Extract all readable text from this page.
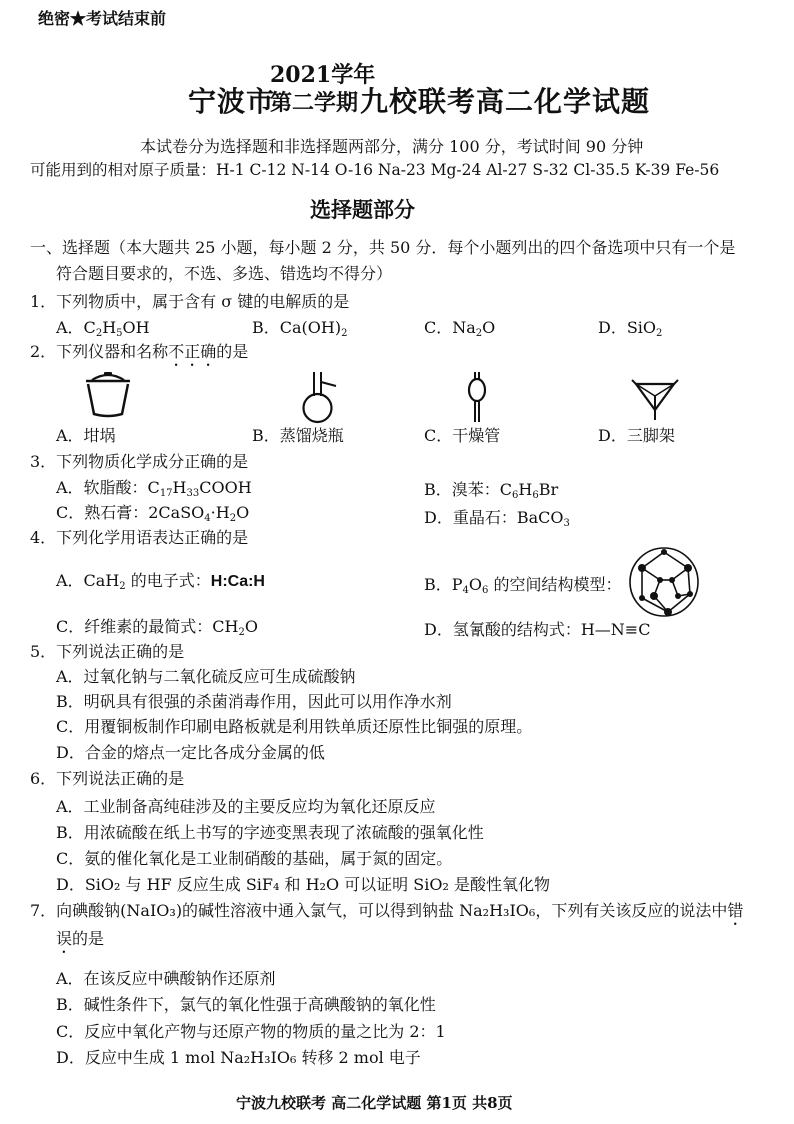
绝密★考试结束前
宁波市
2021学年
第二学期 九校联考高二化学试题
本试卷分为选择题和非选择题两部分，满分 100 分，考试时间 90 分钟
可能用到的相对原子质量：H-1 C-12 N-14 O-16 Na-23 Mg-24 Al-27 S-32 Cl-35.5 K-39 Fe-56
选择题部分
一、选择题（本大题共 25 小题，每小题 2 分，共 50 分．每个小题列出的四个备选项中只有一个是
符合题目要求的，不选、多选、错选均不得分）
1．下列物质中，属于含有 σ 键的电解质的是
A．$C_2H_5OH$	B．$Ca(OH)_2$	C．$Na_2O$	D．SiO$_2$
2．下列仪器和名称不正确的是
A．坩埚	B．蒸馏烧瓶	C．干燥管	D．三脚架
3．下列物质化学成分正确的是
A．软脂酸：$C_{17}H_{33}COOH$	B．溴苯：$C_6H_6Br$
C．熟石膏：$2CaSO_4\cdot H_2O$	D．重晶石：BaCO$_3$
4．下列化学用语表达正确的是
A．CaH$_2$ 的电子式：H:Ca:H	B．$P_4O_6$ 的空间结构模型：
C．纤维素的最简式：$CH_2O$	D．氢氰酸的结构式：H—N≡C
5．下列说法正确的是
A．过氧化钠与二氧化硫反应可生成硫酸钠
B．明矾具有很强的杀菌消毒作用，因此可以用作净水剂
C．用覆铜板制作印刷电路板就是利用铁单质还原性比铜强的原理。
D．合金的熔点一定比各成分金属的低
6．下列说法正确的是
A．工业制备高纯硅涉及的主要反应均为氧化还原反应
B．用浓硫酸在纸上书写的字迹变黑表现了浓硫酸的强氧化性
C．氨的催化氧化是工业制硝酸的基础，属于氮的固定。
D．SiO₂ 与 HF 反应生成 SiF₄ 和 H₂O 可以证明 SiO₂ 是酸性氧化物
7．向碘酸钠(NaIO₃)的碱性溶液中通入氯气，可以得到钠盐 Na₂H₃IO₆，下列有关该反应的说法中错
误的是
A．在该反应中碘酸钠作还原剂
B．碱性条件下，氯气的氧化性强于高碘酸钠的氧化性
C．反应中氧化产物与还原产物的物质的量之比为 2：1
D．反应中生成 1 mol Na₂H₃IO₆ 转移 2 mol 电子
宁波九校联考 高二化学试题 第1页 共8页
